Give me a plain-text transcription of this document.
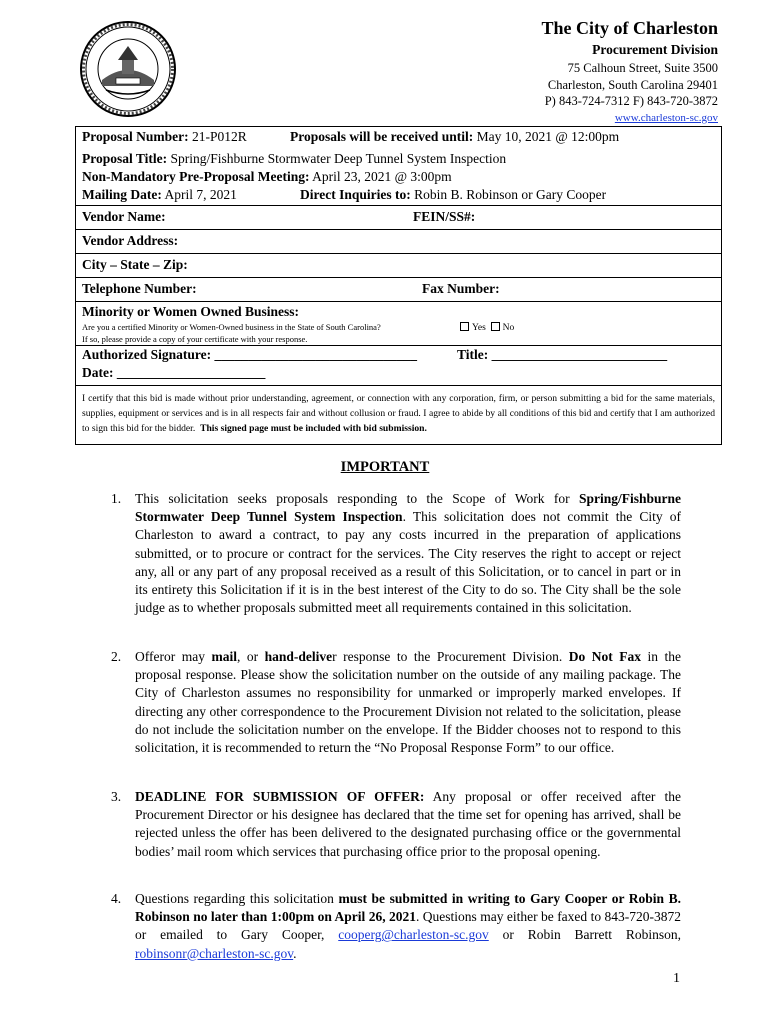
The City of Charleston
Procurement Division
75 Calhoun Street, Suite 3500
Charleston, South Carolina 29401
P) 843-724-7312 F) 843-720-3872
www.charleston-sc.gov
Proposal Number: 21-P012R	Proposals will be received until: May 10, 2021 @ 12:00pm
Proposal Title: Spring/Fishburne Stormwater Deep Tunnel System Inspection
Non-Mandatory Pre-Proposal Meeting: April 23, 2021 @ 3:00pm
Mailing Date: April 7, 2021	Direct Inquiries to: Robin B. Robinson or Gary Cooper
Vendor Name:	FEIN/SS#:
Vendor Address:
City – State – Zip:
Telephone Number:	Fax Number:
Minority or Women Owned Business:
Are you a certified Minority or Women-Owned business in the State of South Carolina?
If so, please provide a copy of your certificate with your response.
Yes No
Authorized Signature: ______________________________	Title: __________________________
Date: ______________________
I certify that this bid is made without prior understanding, agreement, or connection with any corporation, firm, or person submitting a bid for the same materials, supplies, equipment or services and is in all respects fair and without collusion or fraud. I agree to abide by all conditions of this bid and certify that I am authorized to sign this bid for the bidder. This signed page must be included with bid submission.
IMPORTANT
1. This solicitation seeks proposals responding to the Scope of Work for Spring/Fishburne Stormwater Deep Tunnel System Inspection. This solicitation does not commit the City of Charleston to award a contract, to pay any costs incurred in the preparation of applications submitted, or to procure or contract for the services. The City reserves the right to accept or reject any, all or any part of any proposal received as a result of this Solicitation, or to cancel in part or in its entirety this Solicitation if it is in the best interest of the City to do so. The City shall be the sole judge as to whether proposals submitted meet all requirements contained in this solicitation.
2. Offeror may mail, or hand-deliver response to the Procurement Division. Do Not Fax in the proposal response. Please show the solicitation number on the outside of any mailing package. The City of Charleston assumes no responsibility for unmarked or improperly marked envelopes. If directing any other correspondence to the Procurement Division not related to the solicitation, please do not include the solicitation number on the envelope. If the Bidder chooses not to respond to this solicitation, it is recommended to return the “No Proposal Response Form” to our office.
3. DEADLINE FOR SUBMISSION OF OFFER: Any proposal or offer received after the Procurement Director or his designee has declared that the time set for opening has arrived, shall be rejected unless the offer has been delivered to the designated purchasing office or the governmental bodies’ mail room which services that purchasing office prior to the proposal opening.
4. Questions regarding this solicitation must be submitted in writing to Gary Cooper or Robin B. Robinson no later than 1:00pm on April 26, 2021. Questions may either be faxed to 843-720-3872 or emailed to Gary Cooper, cooperg@charleston-sc.gov or Robin Barrett Robinson, robinsonr@charleston-sc.gov.
1
